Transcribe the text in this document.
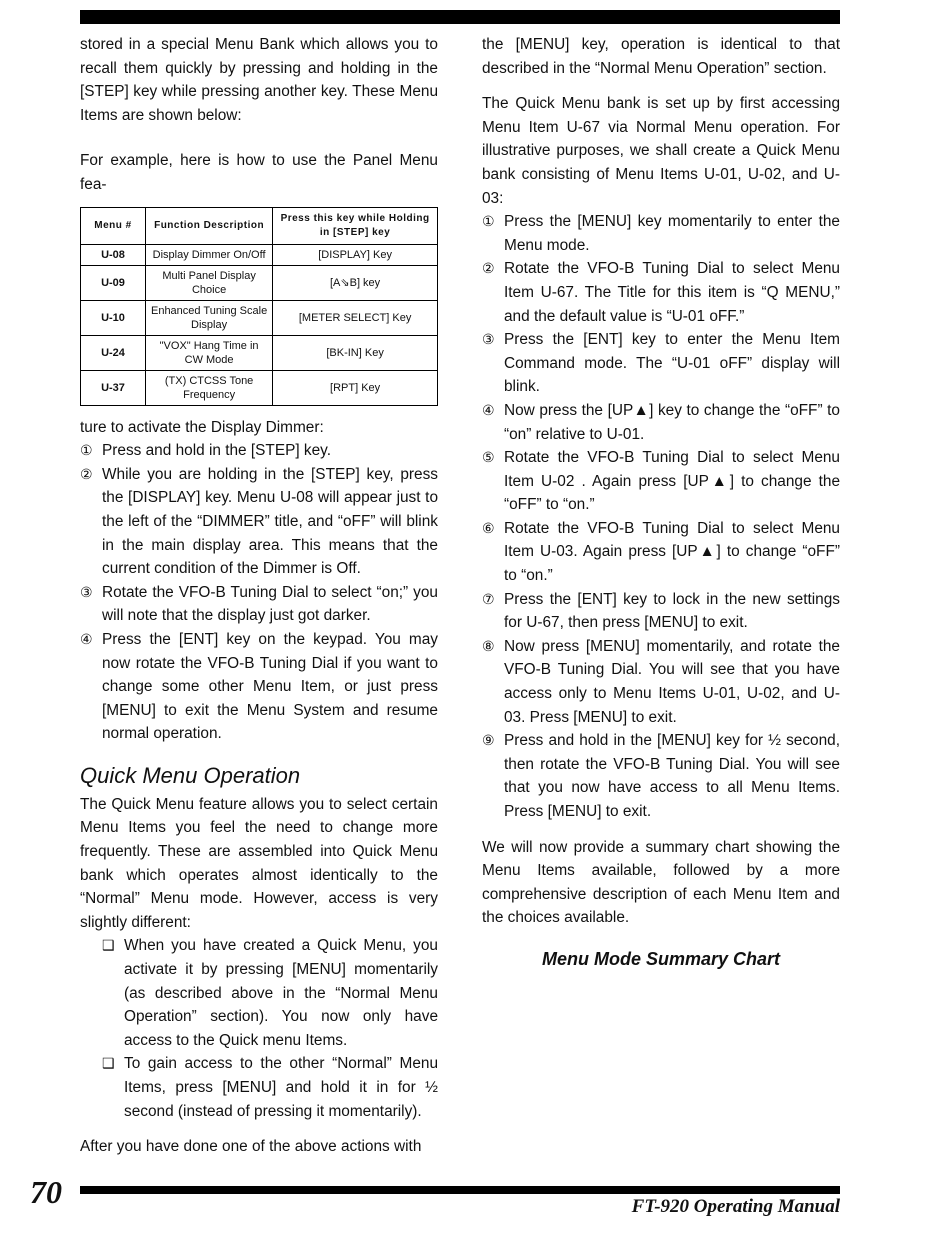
stored in a special Menu Bank which allows you to recall them quickly by pressing and holding in the [STEP] key while pressing another key. These Menu Items are shown below:

For example, here is how to use the Panel Menu fea-

Menu #	Function Description	Press this key while Holding in [STEP] key
U-08	Display Dimmer On/Off	[DISPLAY] Key
U-09	Multi Panel Display Choice	[A⇘B] key
U-10	Enhanced Tuning Scale Display	[METER SELECT] Key
U-24	"VOX" Hang Time in CW Mode	[BK-IN] Key
U-37	(TX) CTCSS Tone Frequency	[RPT] Key

ture to activate the Display Dimmer:

① Press and hold in the [STEP] key.
② While you are holding in the [STEP] key, press the [DISPLAY] key. Menu U-08 will appear just to the left of the “DIMMER” title, and “oFF” will blink in the main display area. This means that the current condition of the Dimmer is Off.
③ Rotate the VFO-B Tuning Dial to select “on;” you will note that the display just got darker.
④ Press the [ENT] key on the keypad. You may now rotate the VFO-B Tuning Dial if you want to change some other Menu Item, or just press [MENU] to exit the Menu System and resume normal operation.
Quick Menu Operation

The Quick Menu feature allows you to select certain Menu Items you feel the need to change more frequently. These are assembled into Quick Menu bank which operates almost identically to the “Normal” Menu mode. However, access is very slightly different:

❑ When you have created a Quick Menu, you activate it by pressing [MENU] momentarily (as described above in the “Normal Menu Operation” section). You now only have access to the Quick menu Items.
❑ To gain access to the other “Normal” Menu Items, press [MENU] and hold it in for ½ second (instead of pressing it momentarily).

After you have done one of the above actions with

the [MENU] key, operation is identical to that described in the “Normal Menu Operation” section.

The Quick Menu bank is set up by first accessing Menu Item U-67 via Normal Menu operation. For illustrative purposes, we shall create a Quick Menu bank consisting of Menu Items U-01, U-02, and U-03:

① Press the [MENU] key momentarily to enter the Menu mode.
② Rotate the VFO-B Tuning Dial to select Menu Item U-67. The Title for this item is “Q MENU,” and the default value is “U-01 oFF.”
③ Press the [ENT] key to enter the Menu Item Command mode. The “U-01 oFF” display will blink.
④ Now press the [UP▲] key to change the “oFF” to “on” relative to U-01.
⑤ Rotate the VFO-B Tuning Dial to select Menu Item U-02 . Again press [UP▲] to change the “oFF” to “on.”
⑥ Rotate the VFO-B Tuning Dial to select Menu Item U-03. Again press [UP▲] to change “oFF” to “on.”
⑦ Press the [ENT] key to lock in the new settings for U-67, then press [MENU] to exit.
⑧ Now press [MENU] momentarily, and rotate the VFO-B Tuning Dial. You will see that you have access only to Menu Items U-01, U-02, and U-03. Press [MENU] to exit.
⑨ Press and hold in the [MENU] key for ½ second, then rotate the VFO-B Tuning Dial. You will see that you now have access to all Menu Items. Press [MENU] to exit.

We will now provide a summary chart showing the Menu Items available, followed by a more comprehensive description of each Menu Item and the choices available.

Menu Mode Summary Chart
70	FT-920 Operating Manual
